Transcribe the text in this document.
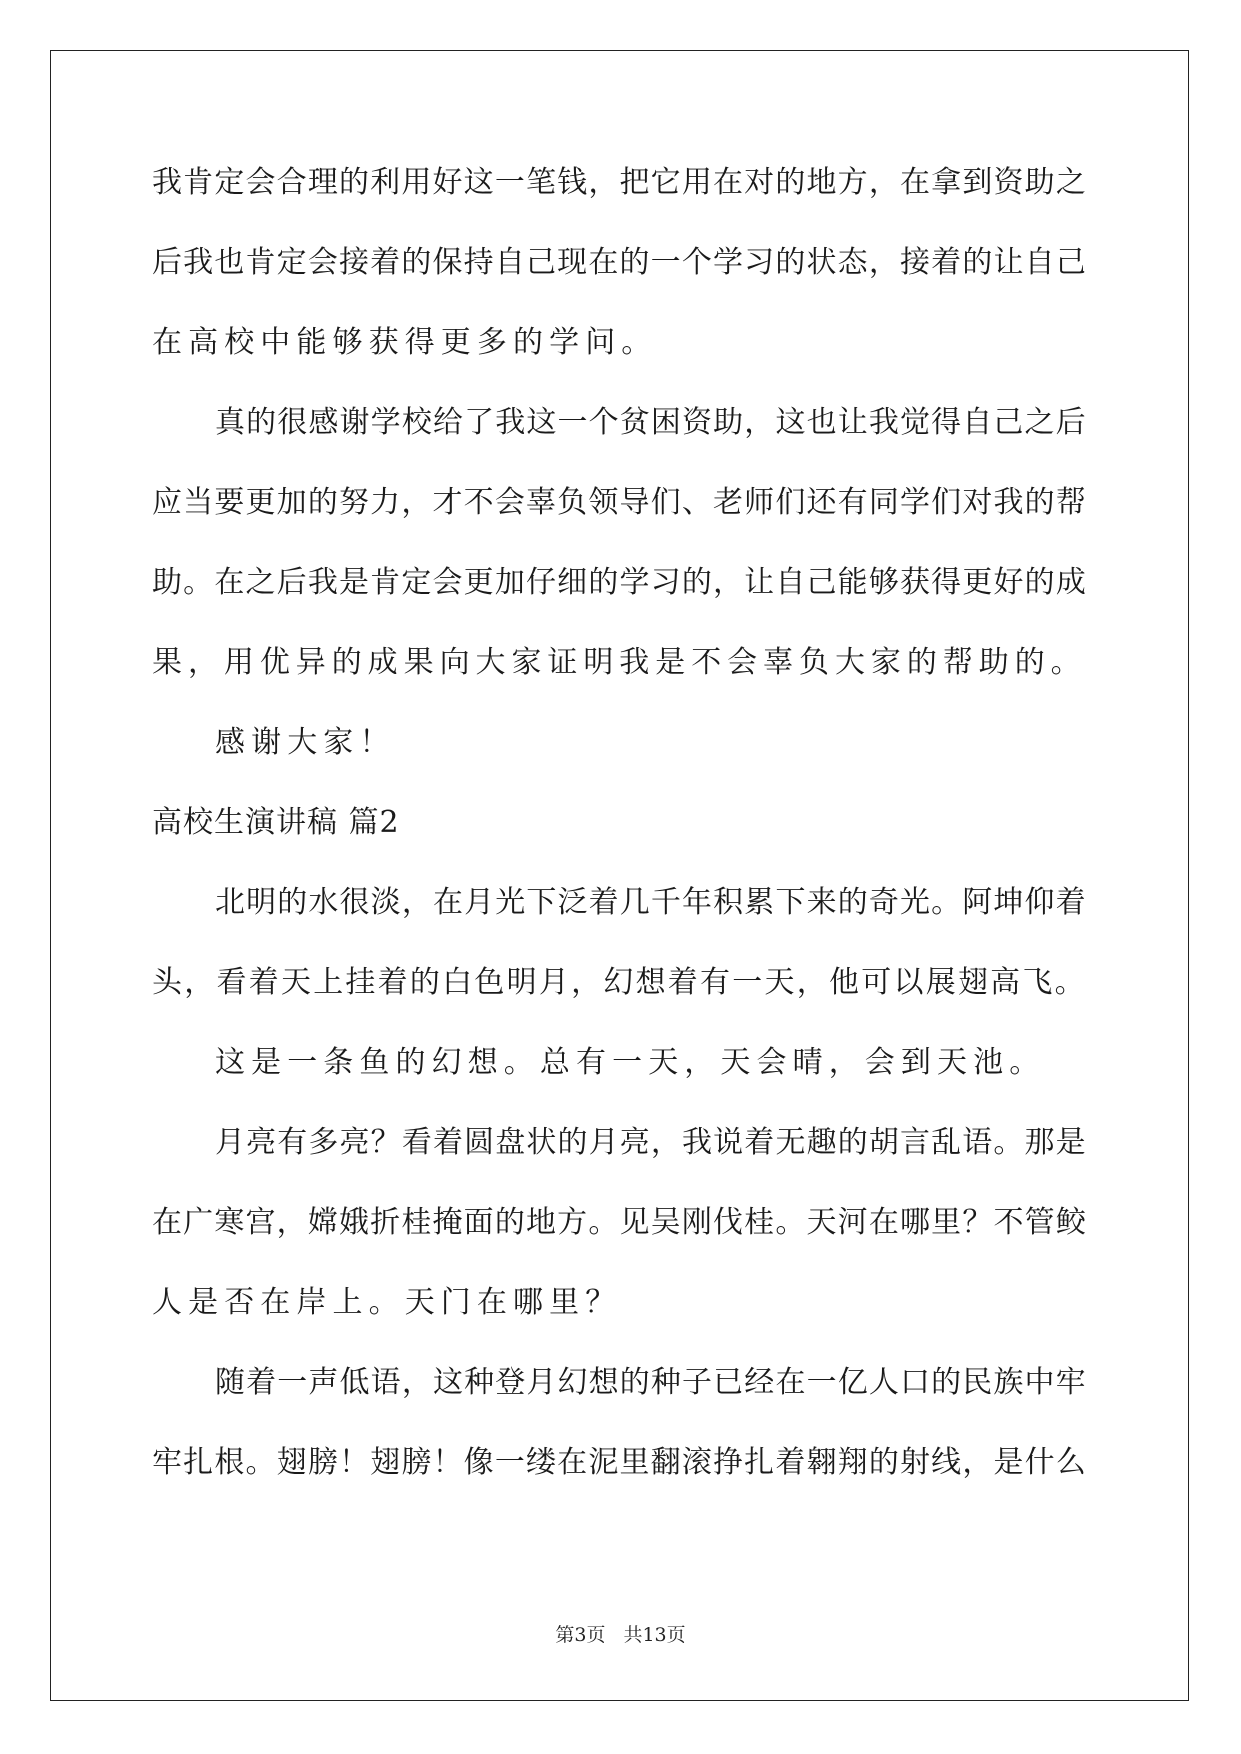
我肯定会合理的利用好这一笔钱，把它用在对的地方，在拿到资助之
后我也肯定会接着的保持自己现在的一个学习的状态，接着的让自己
在高校中能够获得更多的学问。
真的很感谢学校给了我这一个贫困资助，这也让我觉得自己之后
应当要更加的努力，才不会辜负领导们、老师们还有同学们对我的帮
助。在之后我是肯定会更加仔细的学习的，让自己能够获得更好的成
果，用优异的成果向大家证明我是不会辜负大家的帮助的。
感谢大家！
高校生演讲稿 篇2
北明的水很淡，在月光下泛着几千年积累下来的奇光。阿坤仰着
头，看着天上挂着的白色明月，幻想着有一天，他可以展翅高飞。
这是一条鱼的幻想。总有一天，天会晴，会到天池。
月亮有多亮？看着圆盘状的月亮，我说着无趣的胡言乱语。那是
在广寒宫，嫦娥折桂掩面的地方。见吴刚伐桂。天河在哪里？不管鲛
人是否在岸上。天门在哪里？
随着一声低语，这种登月幻想的种子已经在一亿人口的民族中牢
牢扎根。翅膀！翅膀！像一缕在泥里翻滚挣扎着翱翔的射线，是什么
第3页 共13页
